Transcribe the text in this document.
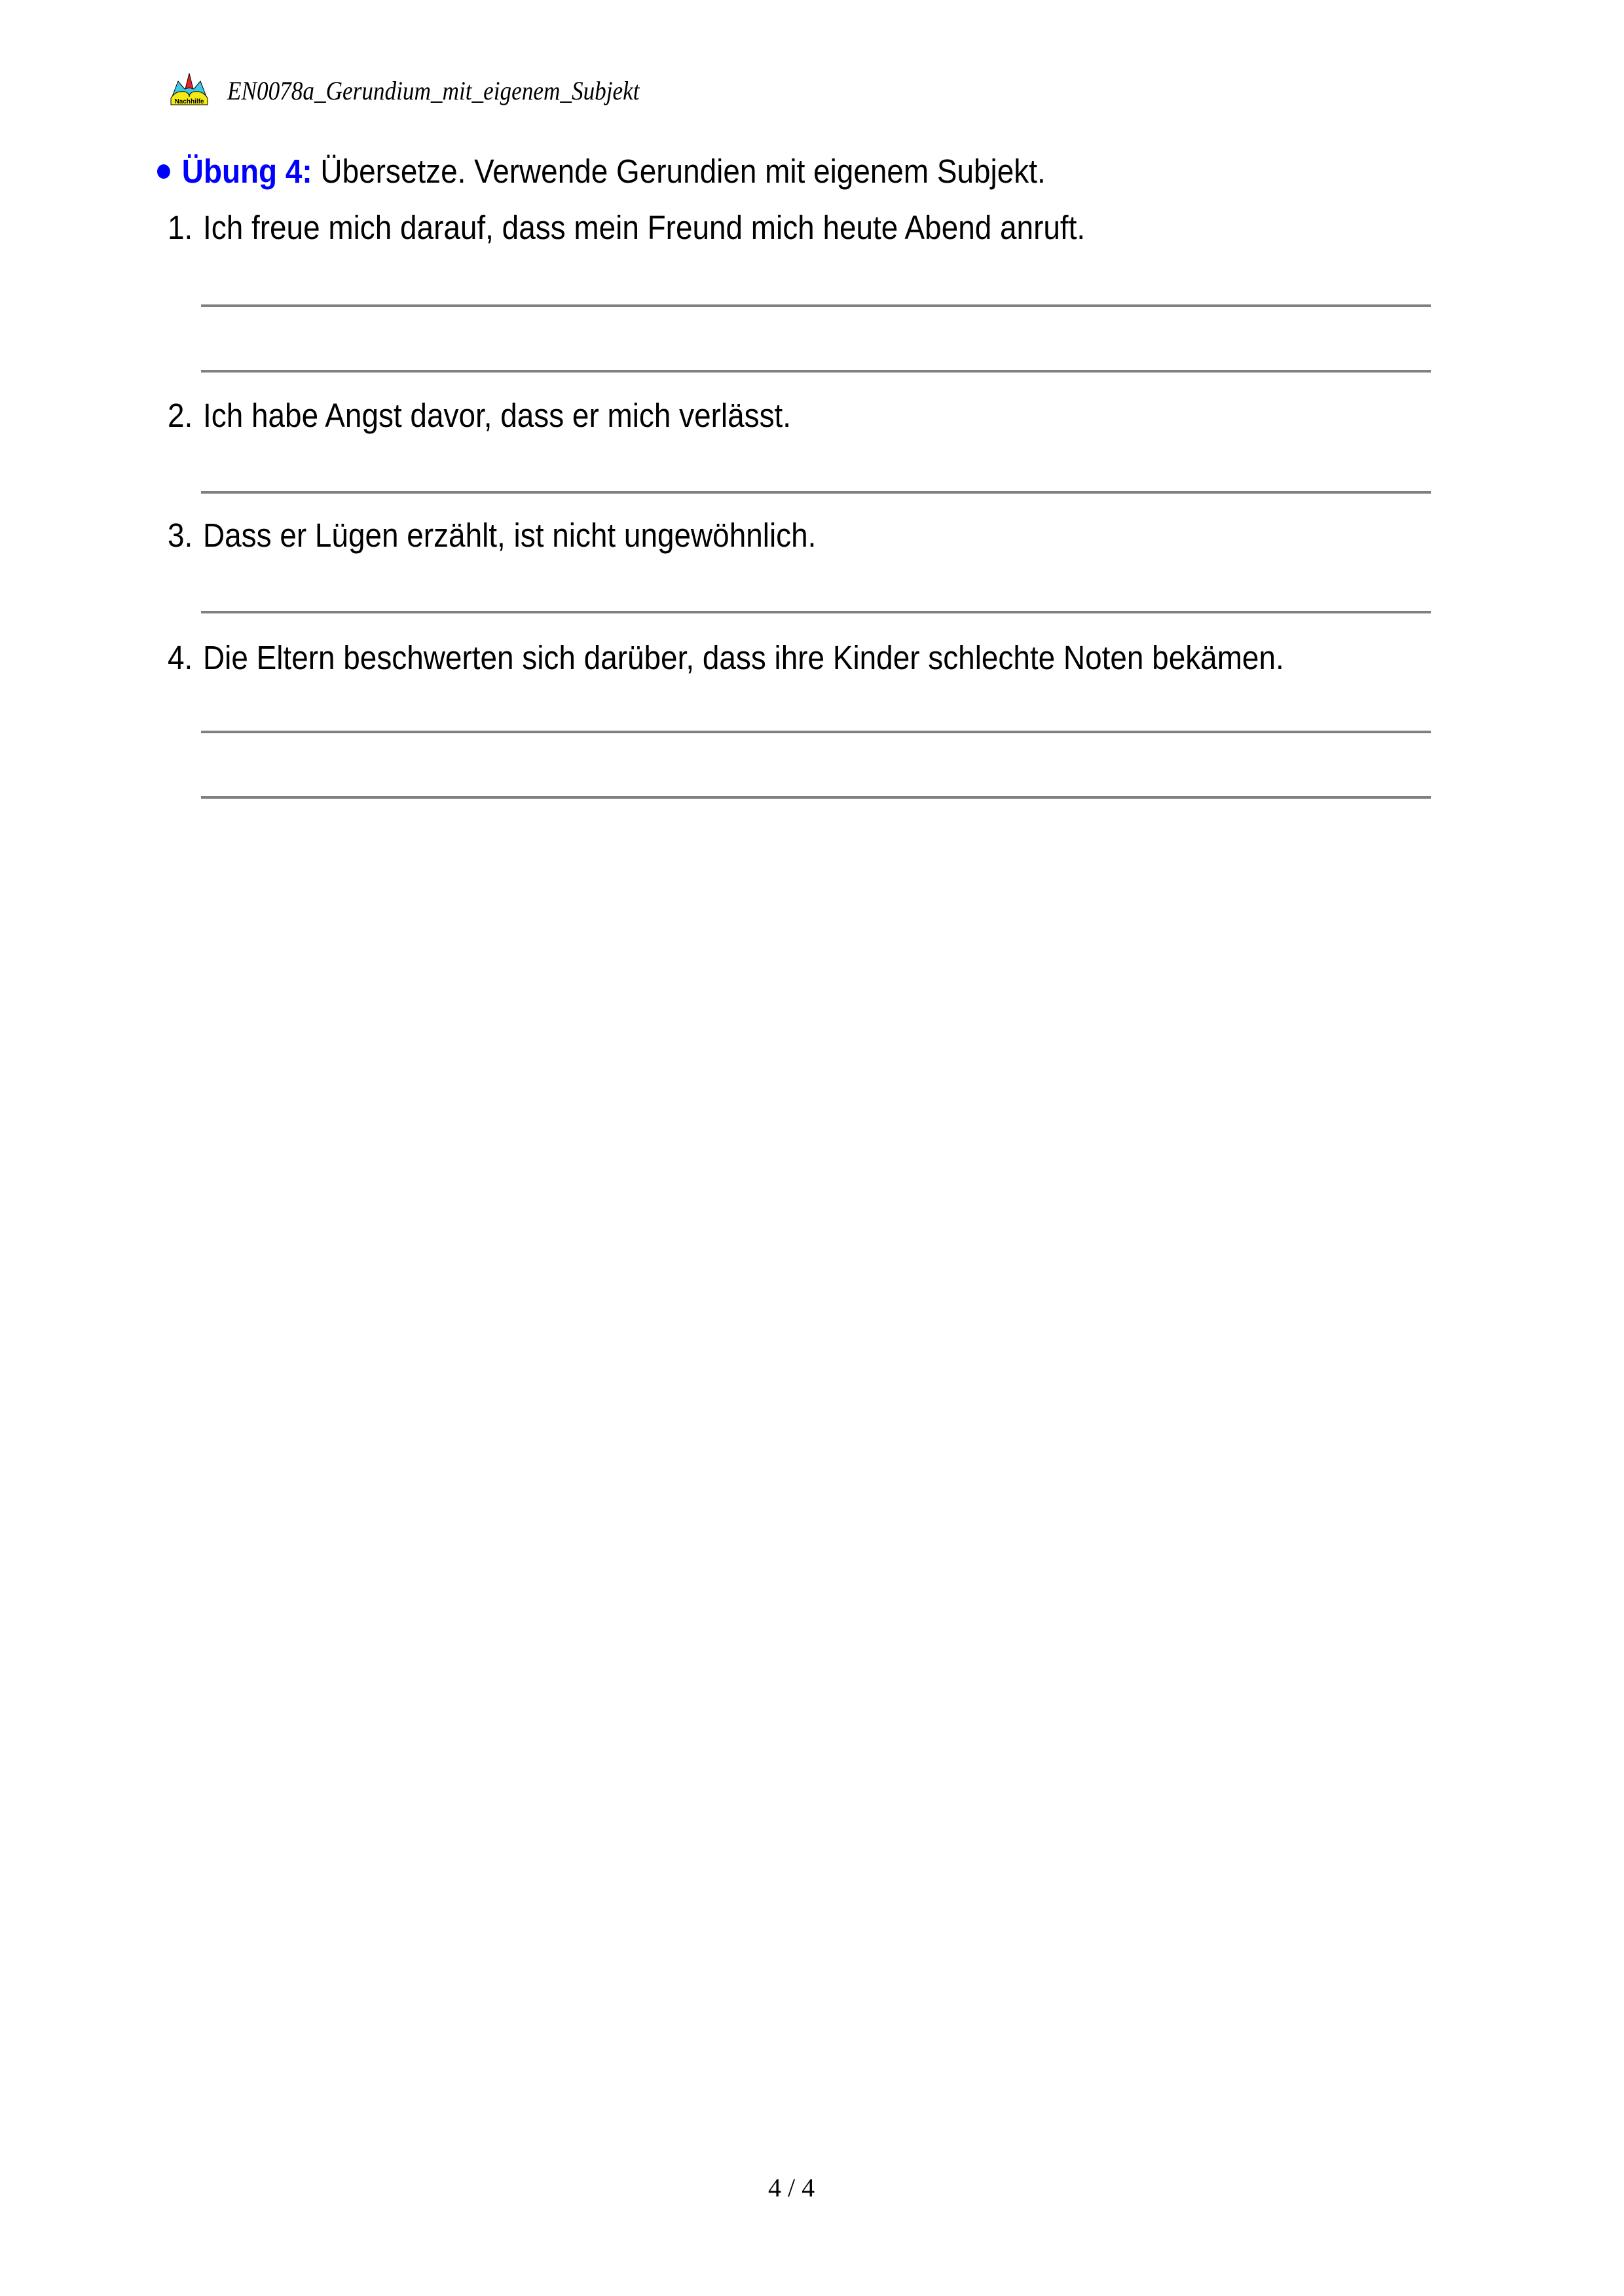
Nachhilfe EN0078a_Gerundium_mit_eigenem_Subjekt
Übung 4: Übersetze. Verwende Gerundien mit eigenem Subjekt.
1. Ich freue mich darauf, dass mein Freund mich heute Abend anruft.
2. Ich habe Angst davor, dass er mich verlässt.
3. Dass er Lügen erzählt, ist nicht ungewöhnlich.
4. Die Eltern beschwerten sich darüber, dass ihre Kinder schlechte Noten bekämen.
4 / 4
